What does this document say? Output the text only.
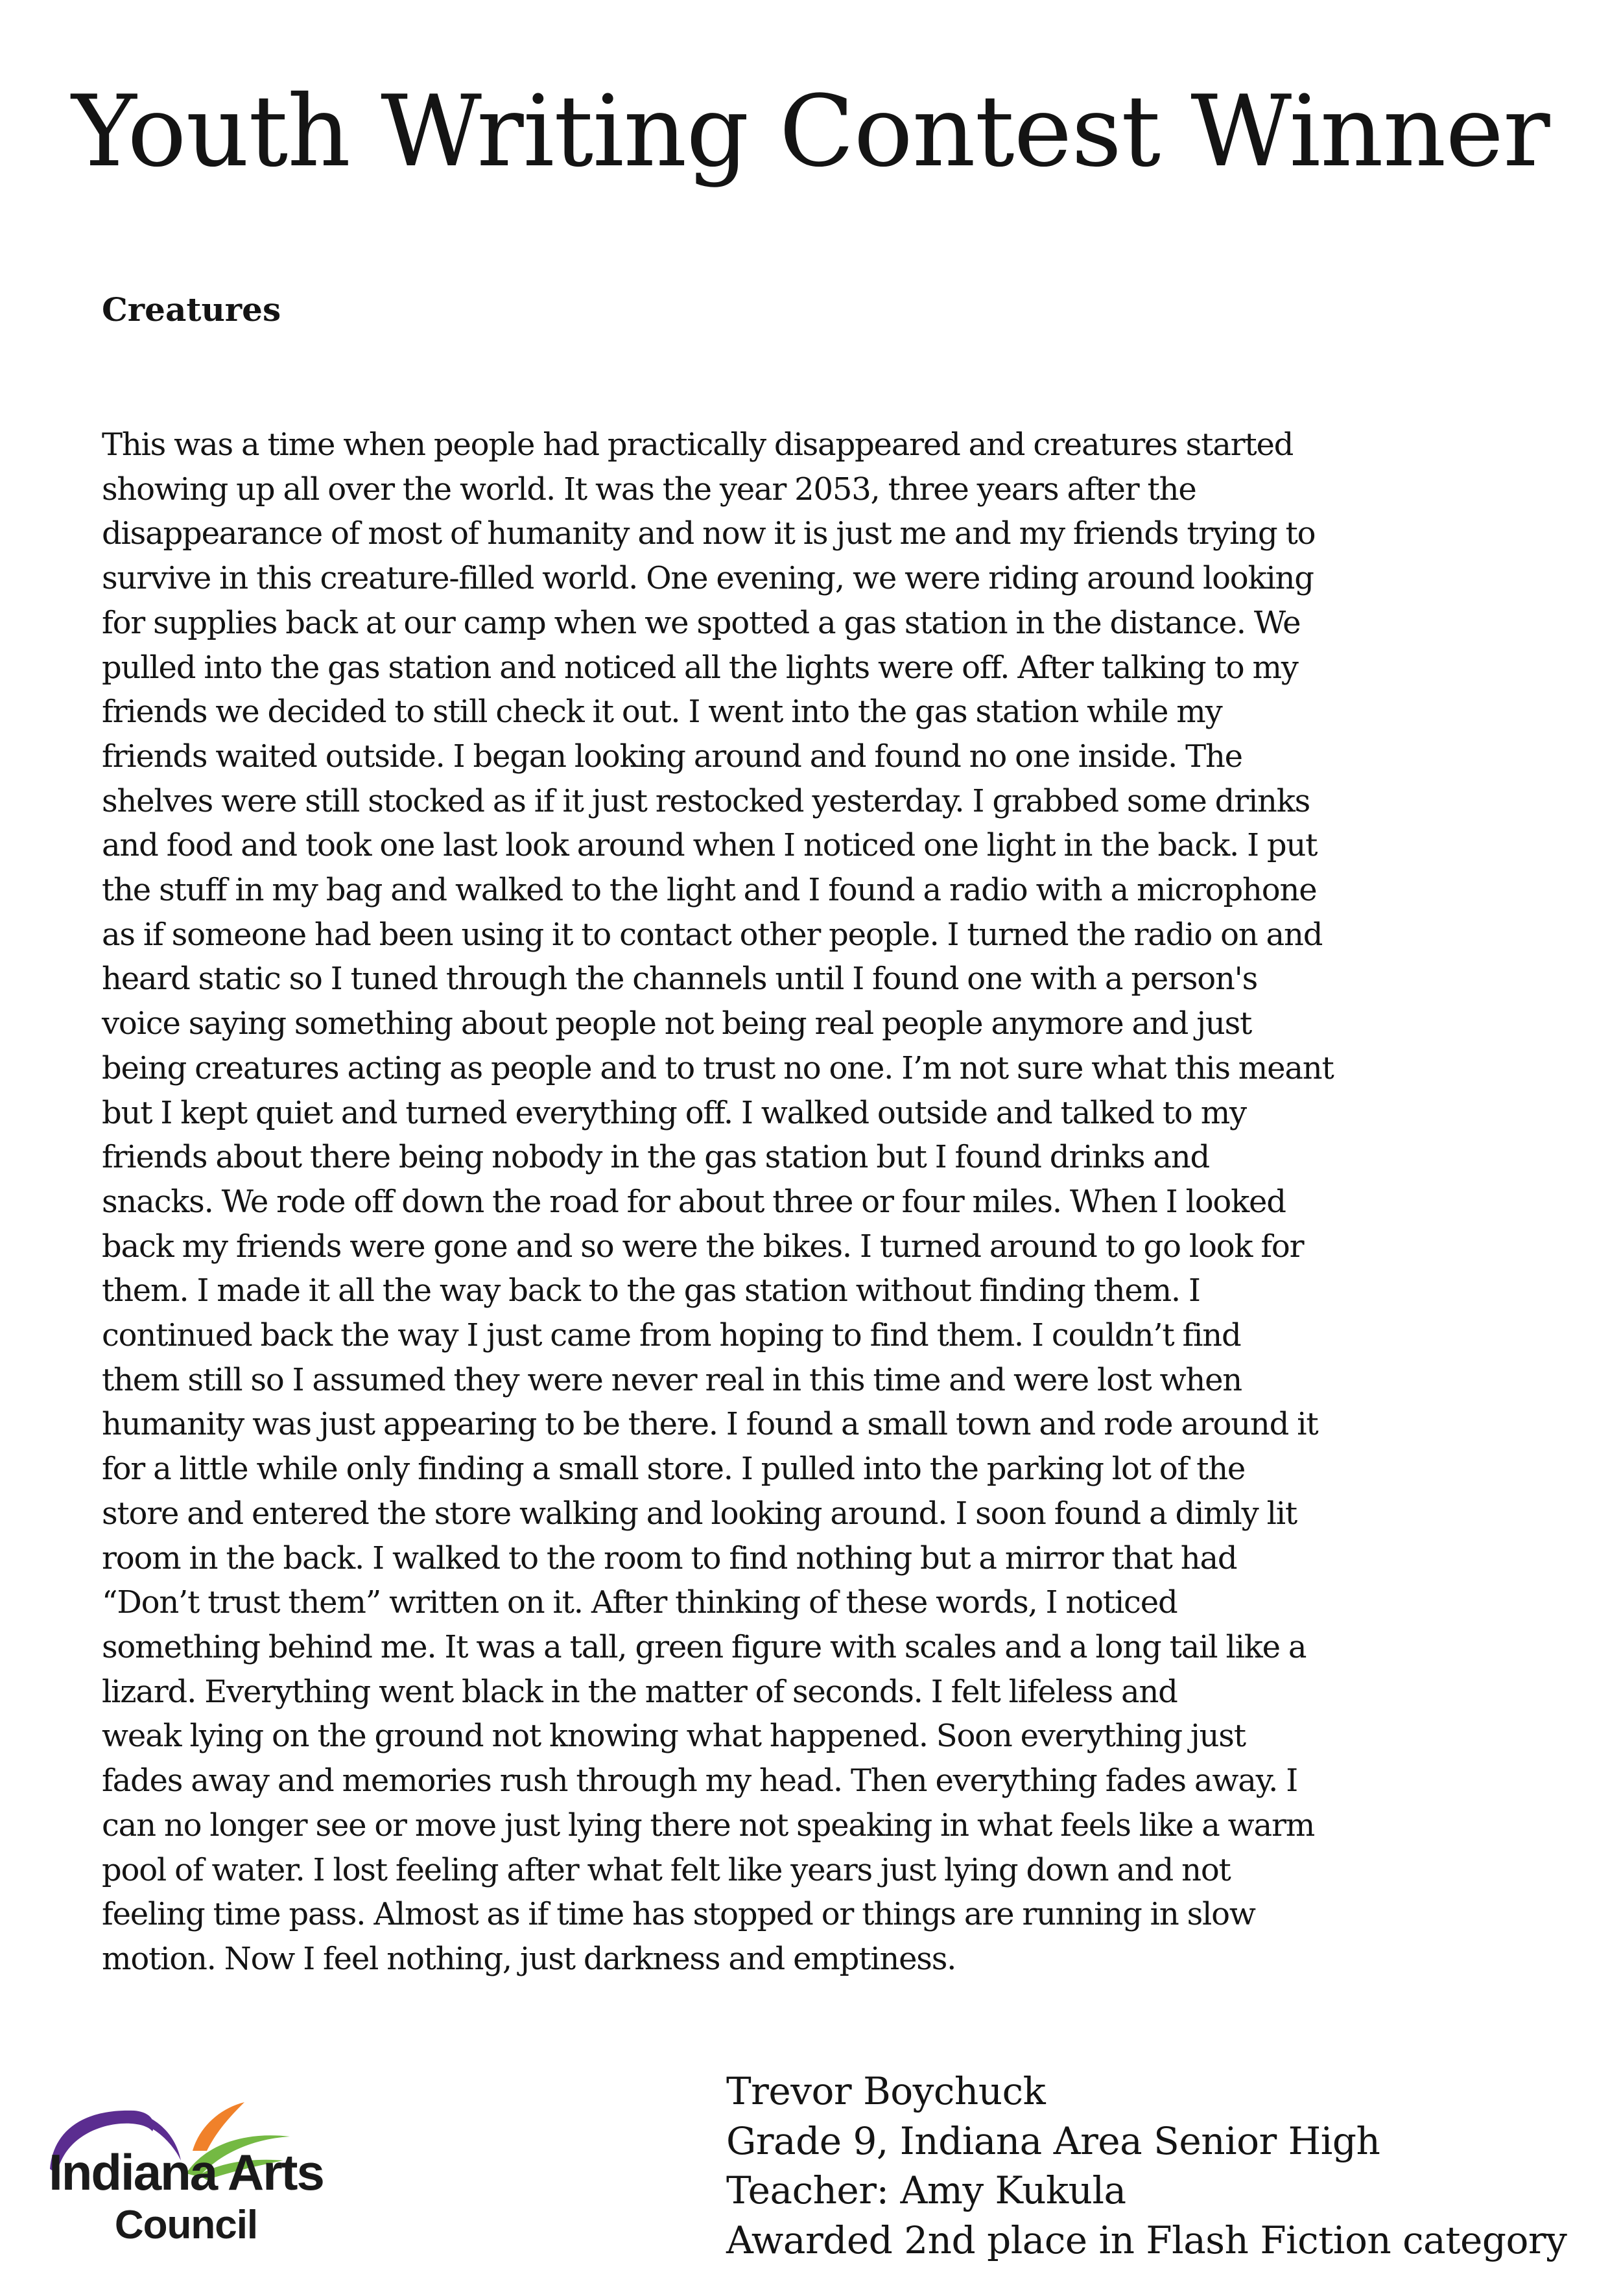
Youth Writing Contest Winner
Creatures
This was a time when people had practically disappeared and creatures started
showing up all over the world. It was the year 2053, three years after the
disappearance of most of humanity and now it is just me and my friends trying to
survive in this creature-filled world. One evening, we were riding around looking
for supplies back at our camp when we spotted a gas station in the distance. We
pulled into the gas station and noticed all the lights were off. After talking to my
friends we decided to still check it out. I went into the gas station while my
friends waited outside. I began looking around and found no one inside. The
shelves were still stocked as if it just restocked yesterday. I grabbed some drinks
and food and took one last look around when I noticed one light in the back. I put
the stuff in my bag and walked to the light and I found a radio with a microphone
as if someone had been using it to contact other people. I turned the radio on and
heard static so I tuned through the channels until I found one with a person's
voice saying something about people not being real people anymore and just
being creatures acting as people and to trust no one. I’m not sure what this meant
but I kept quiet and turned everything off. I walked outside and talked to my
friends about there being nobody in the gas station but I found drinks and
snacks. We rode off down the road for about three or four miles. When I looked
back my friends were gone and so were the bikes. I turned around to go look for
them. I made it all the way back to the gas station without finding them. I
continued back the way I just came from hoping to find them. I couldn’t find
them still so I assumed they were never real in this time and were lost when
humanity was just appearing to be there. I found a small town and rode around it
for a little while only finding a small store. I pulled into the parking lot of the
store and entered the store walking and looking around. I soon found a dimly lit
room in the back. I walked to the room to find nothing but a mirror that had
“Don’t trust them” written on it. After thinking of these words, I noticed
something behind me. It was a tall, green figure with scales and a long tail like a
lizard. Everything went black in the matter of seconds. I felt lifeless and
weak lying on the ground not knowing what happened. Soon everything just
fades away and memories rush through my head. Then everything fades away. I
can no longer see or move just lying there not speaking in what feels like a warm
pool of water. I lost feeling after what felt like years just lying down and not
feeling time pass. Almost as if time has stopped or things are running in slow
motion. Now I feel nothing, just darkness and emptiness.
Indiana Arts
Council
Trevor Boychuck
Grade 9, Indiana Area Senior High
Teacher: Amy Kukula
Awarded 2nd place in Flash Fiction category
